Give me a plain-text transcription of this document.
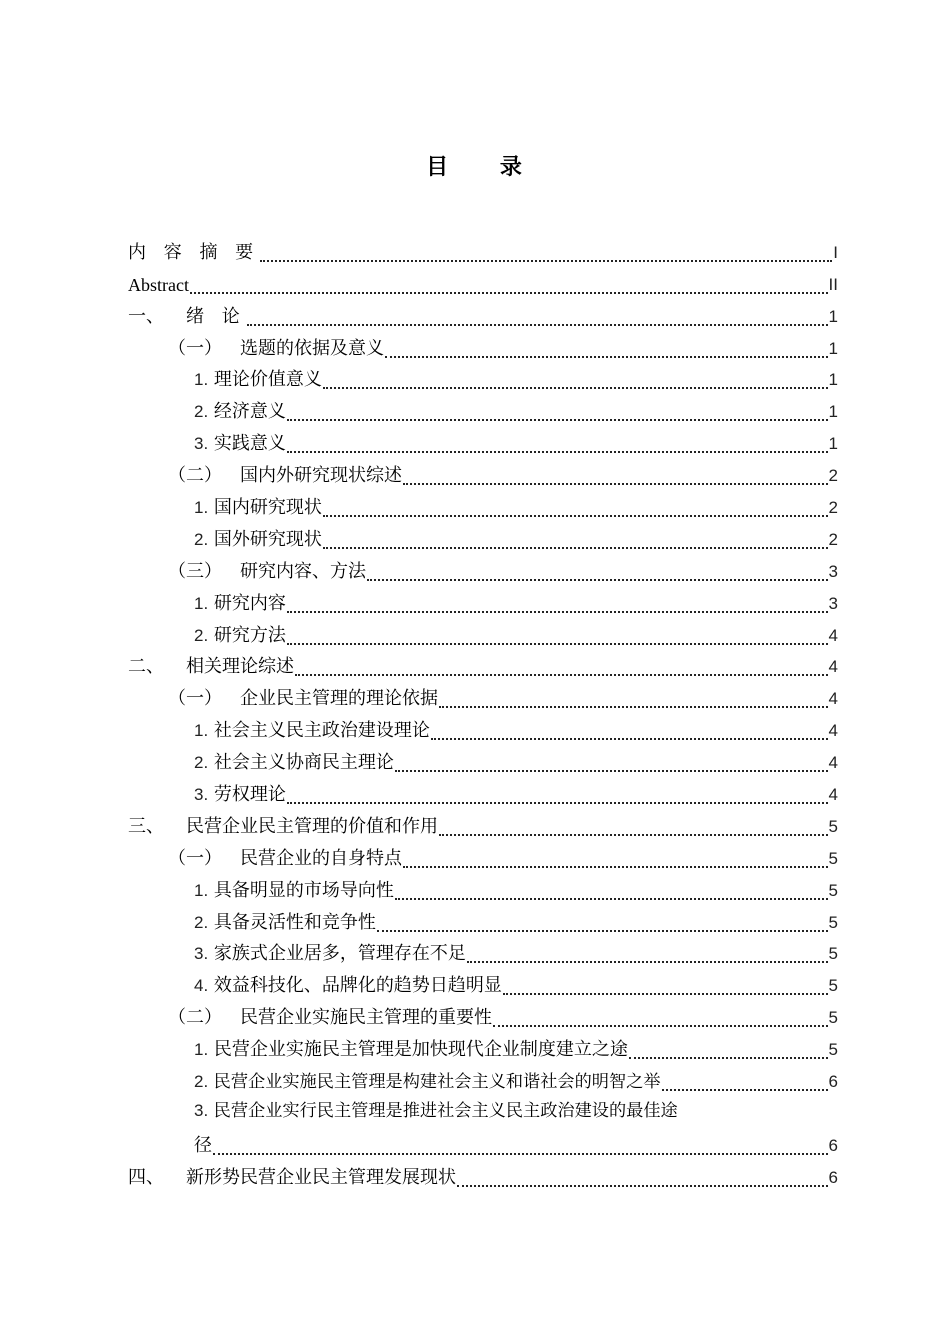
目 录
内 容 摘 要	I
Abstract	II
一、 绪 论	1
（一） 选题的依据及意义	1
1. 理论价值意义	1
2. 经济意义	1
3. 实践意义	1
（二） 国内外研究现状综述	2
1. 国内研究现状	2
2. 国外研究现状	2
（三） 研究内容、方法	3
1. 研究内容	3
2. 研究方法	4
二、 相关理论综述	4
（一） 企业民主管理的理论依据	4
1. 社会主义民主政治建设理论	4
2. 社会主义协商民主理论	4
3. 劳权理论	4
三、 民营企业民主管理的价值和作用	5
（一） 民营企业的自身特点	5
1. 具备明显的市场导向性	5
2. 具备灵活性和竞争性	5
3. 家族式企业居多，管理存在不足	5
4. 效益科技化、品牌化的趋势日趋明显	5
（二） 民营企业实施民主管理的重要性	5
1. 民营企业实施民主管理是加快现代企业制度建立之途	5
2. 民营企业实施民主管理是构建社会主义和谐社会的明智之举	6
3. 民营企业实行民主管理是推进社会主义民主政治建设的最佳途
径	6
四、 新形势民营企业民主管理发展现状	6
